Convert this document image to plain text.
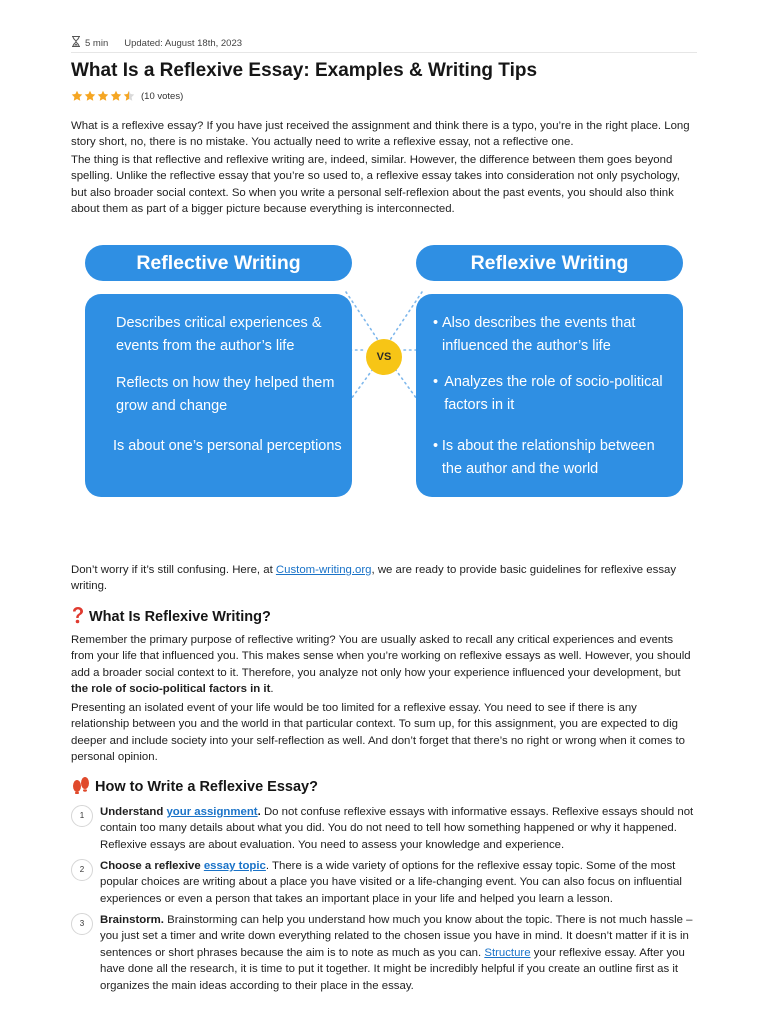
5 min Updated: August 18th, 2023
What Is a Reflexive Essay: Examples & Writing Tips
(10 votes)

What is a reflexive essay? If you have just received the assignment and think there is a typo, you’re in the right place. Long story short, no, there is no mistake. You actually need to write a reflexive essay, not a reflective one.

The thing is that reflective and reflexive writing are, indeed, similar. However, the difference between them goes beyond spelling. Unlike the reflective essay that you’re so used to, a reflexive essay takes into consideration not only psychology, but also broader social context. So when you write a personal self-reflexion about the past events, you should also think about them as part of a bigger picture because everything is interconnected.

Don’t worry if it’s still confusing. Here, at Custom-writing.org, we are ready to provide basic guidelines for reflexive essay writing.

What Is Reflexive Writing?

Remember the primary purpose of reflective writing? You are usually asked to recall any critical experiences and events from your life that influenced you. This makes sense when you’re working on reflexive essays as well. However, you should add a broader social context to it. Therefore, you analyze not only how your experience influenced your development, but the role of socio-political factors in it.

Presenting an isolated event of your life would be too limited for a reflexive essay. You need to see if there is any relationship between you and the world in that particular context. To sum up, for this assignment, you are expected to dig deeper and include society into your self-reflection as well. And don’t forget that there’s no right or wrong when it comes to personal opinion.

How to Write a Reflexive Essay?
1	Understand your assignment. Do not confuse reflexive essays with informative essays. Reflexive essays should not contain too many details about what you did. You do not need to tell how something happened or why it happened. Reflexive essays are about evaluation. You need to assess your knowledge and experience.

2	Choose a reflexive essay topic. There is a wide variety of options for the reflexive essay topic. Some of the most popular choices are writing about a place you have visited or a life-changing event. You can also focus on influential experiences or even a person that takes an important place in your life and helped you learn a lesson.

3	Brainstorm. Brainstorming can help you understand how much you know about the topic. There is not much hassle – you just set a timer and write down everything related to the chosen issue you have in mind. It doesn’t matter if it is in sentences or short phrases because the aim is to note as much as you can. Structure your reflexive essay. After you have done all the research, it is time to put it together. It might be incredibly helpful if you create an outline first as it organizes the main ideas according to their place in the essay.

Reflective Writing	Reflexive Writing
Describes critical experiences & events from the author’s life
Reflects on how they helped them grow and change
Is about one’s personal perceptions
• Also describes the events that influenced the author’s life
• Analyzes the role of socio-political factors in it
• Is about the relationship between the author and the world
VS
